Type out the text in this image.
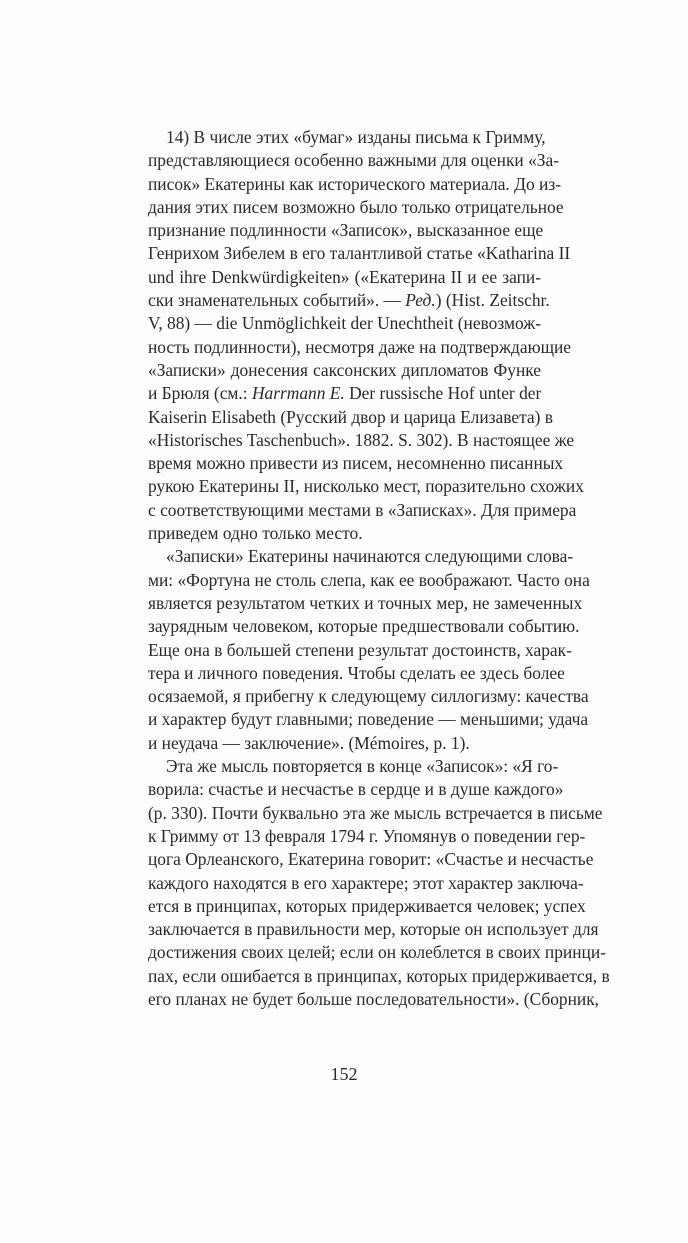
14) В числе этих «бумаг» изданы письма к Гримму,
представляющиеся особенно важными для оценки «За-
писок» Екатерины как исторического материала. До из-
дания этих писем возможно было только отрицательное
признание подлинности «Записок», высказанное еще
Генрихом Зибелем в его талантливой статье «Katharina II
und ihre Denkwürdigkeiten» («Екатерина II и ее запи-
ски знаменательных событий». — Ред.) (Hist. Zeitschr.
V, 88) — die Unmöglichkeit der Unechtheit (невозмож-
ность подлинности), несмотря даже на подтверждающие
«Записки» донесения саксонских дипломатов Функе
и Брюля (см.: Harrmann E. Der russische Hof unter der
Kaiserin Elisabeth (Русский двор и царица Елизавета) в
«Historisches Taschenbuch». 1882. S. 302). В настоящее же
время можно привести из писем, несомненно писанных
рукою Екатерины II, нисколько мест, поразительно схожих
с соответствующими местами в «Записках». Для примера
приведем одно только место.
«Записки» Екатерины начинаются следующими слова-
ми: «Фортуна не столь слепа, как ее воображают. Часто она
является результатом четких и точных мер, не замеченных
заурядным человеком, которые предшествовали событию.
Еще она в большей степени результат достоинств, харак-
тера и личного поведения. Чтобы сделать ее здесь более
осязаемой, я прибегну к следующему силлогизму: качества
и характер будут главными; поведение — меньшими; удача
и неудача — заключение». (Mémoires, p. 1).
Эта же мысль повторяется в конце «Записок»: «Я го-
ворила: счастье и несчастье в сердце и в душе каждого»
(р. 330). Почти буквально эта же мысль встречается в письме
к Гримму от 13 февраля 1794 г. Упомянув о поведении гер-
цога Орлеанского, Екатерина говорит: «Счастье и несчастье
каждого находятся в его характере; этот характер заключа-
ется в принципах, которых придерживается человек; успех
заключается в правильности мер, которые он использует для
достижения своих целей; если он колеблется в своих принци-
пах, если ошибается в принципах, которых придерживается, в
его планах не будет больше последовательности». (Сборник,
152
